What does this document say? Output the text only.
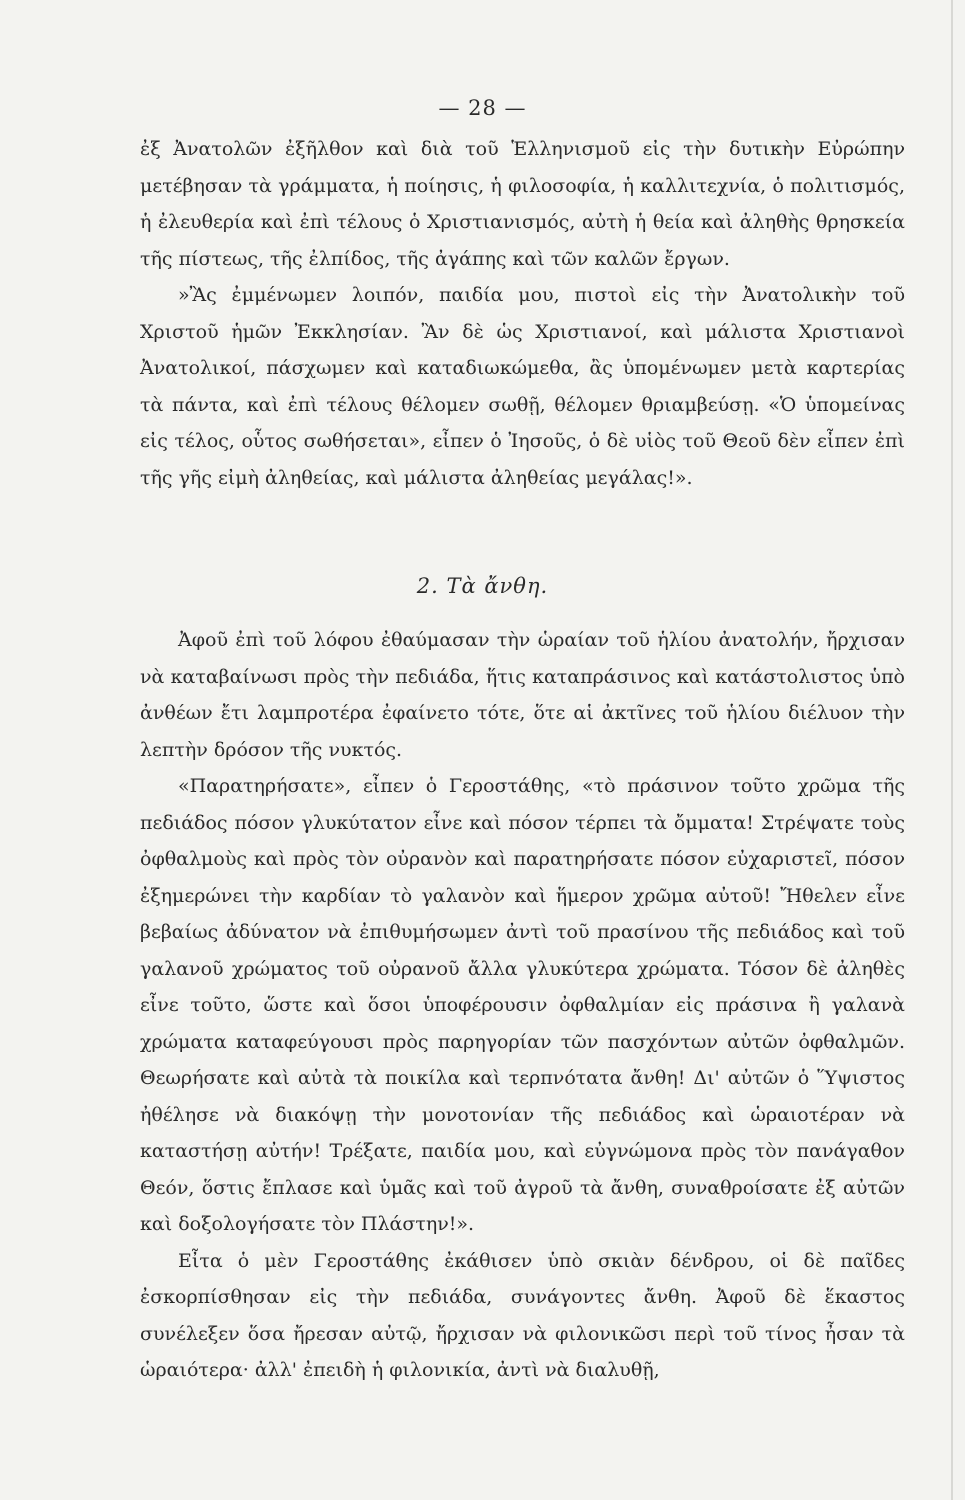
— 28 —

ἐξ Ἀνατολῶν ἐξῆλθον καὶ διὰ τοῦ Ἑλληνισμοῦ εἰς τὴν δυτικὴν Εὐρώπην μετέβησαν τὰ γράμματα, ἡ ποίησις, ἡ φιλοσοφία, ἡ καλλιτεχνία, ὁ πολιτισμός, ἡ ἐλευθερία καὶ ἐπὶ τέλους ὁ Χριστιανισμός, αὐτὴ ἡ θεία καὶ ἀληθὴς θρησκεία τῆς πίστεως, τῆς ἐλπίδος, τῆς ἀγάπης καὶ τῶν καλῶν ἔργων.

»Ἂς ἐμμένωμεν λοιπόν, παιδία μου, πιστοὶ εἰς τὴν Ἀνατολικὴν τοῦ Χριστοῦ ἡμῶν Ἐκκλησίαν. Ἂν δὲ ὡς Χριστιανοί, καὶ μάλιστα Χριστιανοὶ Ἀνατολικοί, πάσχωμεν καὶ καταδιωκώμεθα, ἂς ὑπομένωμεν μετὰ καρτερίας τὰ πάντα, καὶ ἐπὶ τέλους θέλομεν σωθῇ, θέλομεν θριαμβεύσῃ. «Ὁ ὑπομείνας εἰς τέλος, οὗτος σωθήσεται», εἶπεν ὁ Ἰησοῦς, ὁ δὲ υἱὸς τοῦ Θεοῦ δὲν εἶπεν ἐπὶ τῆς γῆς εἰμὴ ἀληθείας, καὶ μάλιστα ἀληθείας μεγάλας!».

2. Τὰ ἄνθη.

Ἀφοῦ ἐπὶ τοῦ λόφου ἐθαύμασαν τὴν ὡραίαν τοῦ ἡλίου ἀνατολήν, ἤρχισαν νὰ καταβαίνωσι πρὸς τὴν πεδιάδα, ἥτις καταπράσινος καὶ κατάστολιστος ὑπὸ ἀνθέων ἔτι λαμπροτέρα ἐφαίνετο τότε, ὅτε αἱ ἀκτῖνες τοῦ ἡλίου διέλυον τὴν λεπτὴν δρόσον τῆς νυκτός.

«Παρατηρήσατε», εἶπεν ὁ Γεροστάθης, «τὸ πράσινον τοῦτο χρῶμα τῆς πεδιάδος πόσον γλυκύτατον εἶνε καὶ πόσον τέρπει τὰ ὄμματα! Στρέψατε τοὺς ὀφθαλμοὺς καὶ πρὸς τὸν οὐρανὸν καὶ παρατηρήσατε πόσον εὐχαριστεῖ, πόσον ἐξημερώνει τὴν καρδίαν τὸ γαλανὸν καὶ ἥμερον χρῶμα αὐτοῦ! Ἤθελεν εἶνε βεβαίως ἀδύνατον νὰ ἐπιθυμήσωμεν ἀντὶ τοῦ πρασίνου τῆς πεδιάδος καὶ τοῦ γαλανοῦ χρώματος τοῦ οὐρανοῦ ἄλλα γλυκύτερα χρώματα. Τόσον δὲ ἀληθὲς εἶνε τοῦτο, ὥστε καὶ ὅσοι ὑποφέρουσιν ὀφθαλμίαν εἰς πράσινα ἢ γαλανὰ χρώματα καταφεύγουσι πρὸς παρηγορίαν τῶν πασχόντων αὐτῶν ὀφθαλμῶν. Θεωρήσατε καὶ αὐτὰ τὰ ποικίλα καὶ τερπνότατα ἄνθη! Δι' αὐτῶν ὁ Ὕψιστος ἠθέλησε νὰ διακόψῃ τὴν μονοτονίαν τῆς πεδιάδος καὶ ὡραιοτέραν νὰ καταστήσῃ αὐτήν! Τρέξατε, παιδία μου, καὶ εὐγνώμονα πρὸς τὸν πανάγαθον Θεόν, ὅστις ἔπλασε καὶ ὑμᾶς καὶ τοῦ ἀγροῦ τὰ ἄνθη, συναθροίσατε ἐξ αὐτῶν καὶ δοξολογήσατε τὸν Πλάστην!».

Εἶτα ὁ μὲν Γεροστάθης ἐκάθισεν ὑπὸ σκιὰν δένδρου, οἱ δὲ παῖδες ἐσκορπίσθησαν εἰς τὴν πεδιάδα, συνάγοντες ἄνθη. Ἀφοῦ δὲ ἕκαστος συνέλεξεν ὅσα ἤρεσαν αὐτῷ, ἤρχισαν νὰ φιλονικῶσι περὶ τοῦ τίνος ἦσαν τὰ ὡραιότερα· ἀλλ' ἐπειδὴ ἡ φιλονικία, ἀντὶ νὰ διαλυθῇ,
